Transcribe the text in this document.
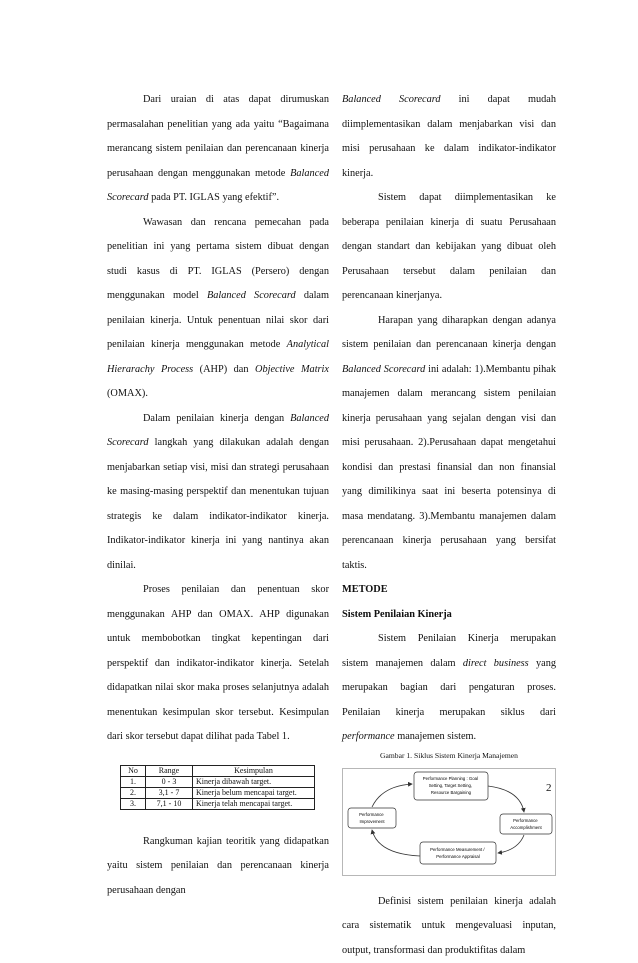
Dari uraian di atas dapat dirumuskan permasalahan penelitian yang ada yaitu “Bagaimana merancang sistem penilaian dan perencanaan kinerja perusahaan dengan menggunakan metode Balanced Scorecard pada PT. IGLAS yang efektif”.

Wawasan dan rencana pemecahan pada penelitian ini yang pertama sistem dibuat dengan studi kasus di PT. IGLAS (Persero) dengan menggunakan model Balanced Scorecard dalam penilaian kinerja. Untuk penentuan nilai skor dari penilaian kinerja menggunakan metode Analytical Hierarachy Process (AHP) dan Objective Matrix (OMAX).

Dalam penilaian kinerja dengan Balanced Scorecard langkah yang dilakukan adalah dengan menjabarkan setiap visi, misi dan strategi perusahaan ke masing-masing perspektif dan menentukan tujuan strategis ke dalam indikator-indikator kinerja. Indikator-indikator kinerja ini yang nantinya akan dinilai.

Proses penilaian dan penentuan skor menggunakan AHP dan OMAX. AHP digunakan untuk membobotkan tingkat kepentingan dari perspektif dan indikator-indikator kinerja. Setelah didapatkan nilai skor maka proses selanjutnya adalah menentukan kesimpulan skor tersebut. Kesimpulan dari skor tersebut dapat dilihat pada Tabel 1.

No	Range	Kesimpulan
1.	0 - 3	Kinerja dibawah target.
2.	3,1 - 7	Kinerja belum mencapai target.
3.	7,1 - 10	Kinerja telah mencapai target.

Rangkuman kajian teoritik yang didapatkan yaitu sistem penilaian dan perencanaan kinerja perusahaan dengan

Balanced Scorecard ini dapat mudah diimplementasikan dalam menjabarkan visi dan misi perusahaan ke dalam indikator-indikator kinerja.

Sistem dapat diimplementasikan ke beberapa penilaian kinerja di suatu Perusahaan dengan standart dan kebijakan yang dibuat oleh Perusahaan tersebut dalam penilaian dan perencanaan kinerjanya.

Harapan yang diharapkan dengan adanya sistem penilaian dan perencanaan kinerja dengan Balanced Scorecard ini adalah: 1).Membantu pihak manajemen dalam merancang sistem penilaian kinerja perusahaan yang sejalan dengan visi dan misi perusahaan. 2).Perusahaan dapat mengetahui kondisi dan prestasi finansial dan non finansial yang dimilikinya saat ini beserta potensinya di masa mendatang. 3).Membantu manajemen dalam perencanaan kinerja perusahaan yang bersifat taktis.

METODE

Sistem Penilaian Kinerja

Sistem Penilaian Kinerja merupakan sistem manajemen dalam direct business yang merupakan bagian dari pengaturan proses. Penilaian kinerja merupakan siklus dari performance manajemen sistem.

Gambar 1. Siklus Sistem Kinerja Manajemen

Performance Planning : Goal Setting, Target Setting, Resource Bargaining
Performance Improvement	Performance Accomplishment
Performance Measurement / Performance Appraisal

Definisi sistem penilaian kinerja adalah cara sistematik untuk mengevaluasi inputan, output, transformasi dan produktifitas dalam

2
